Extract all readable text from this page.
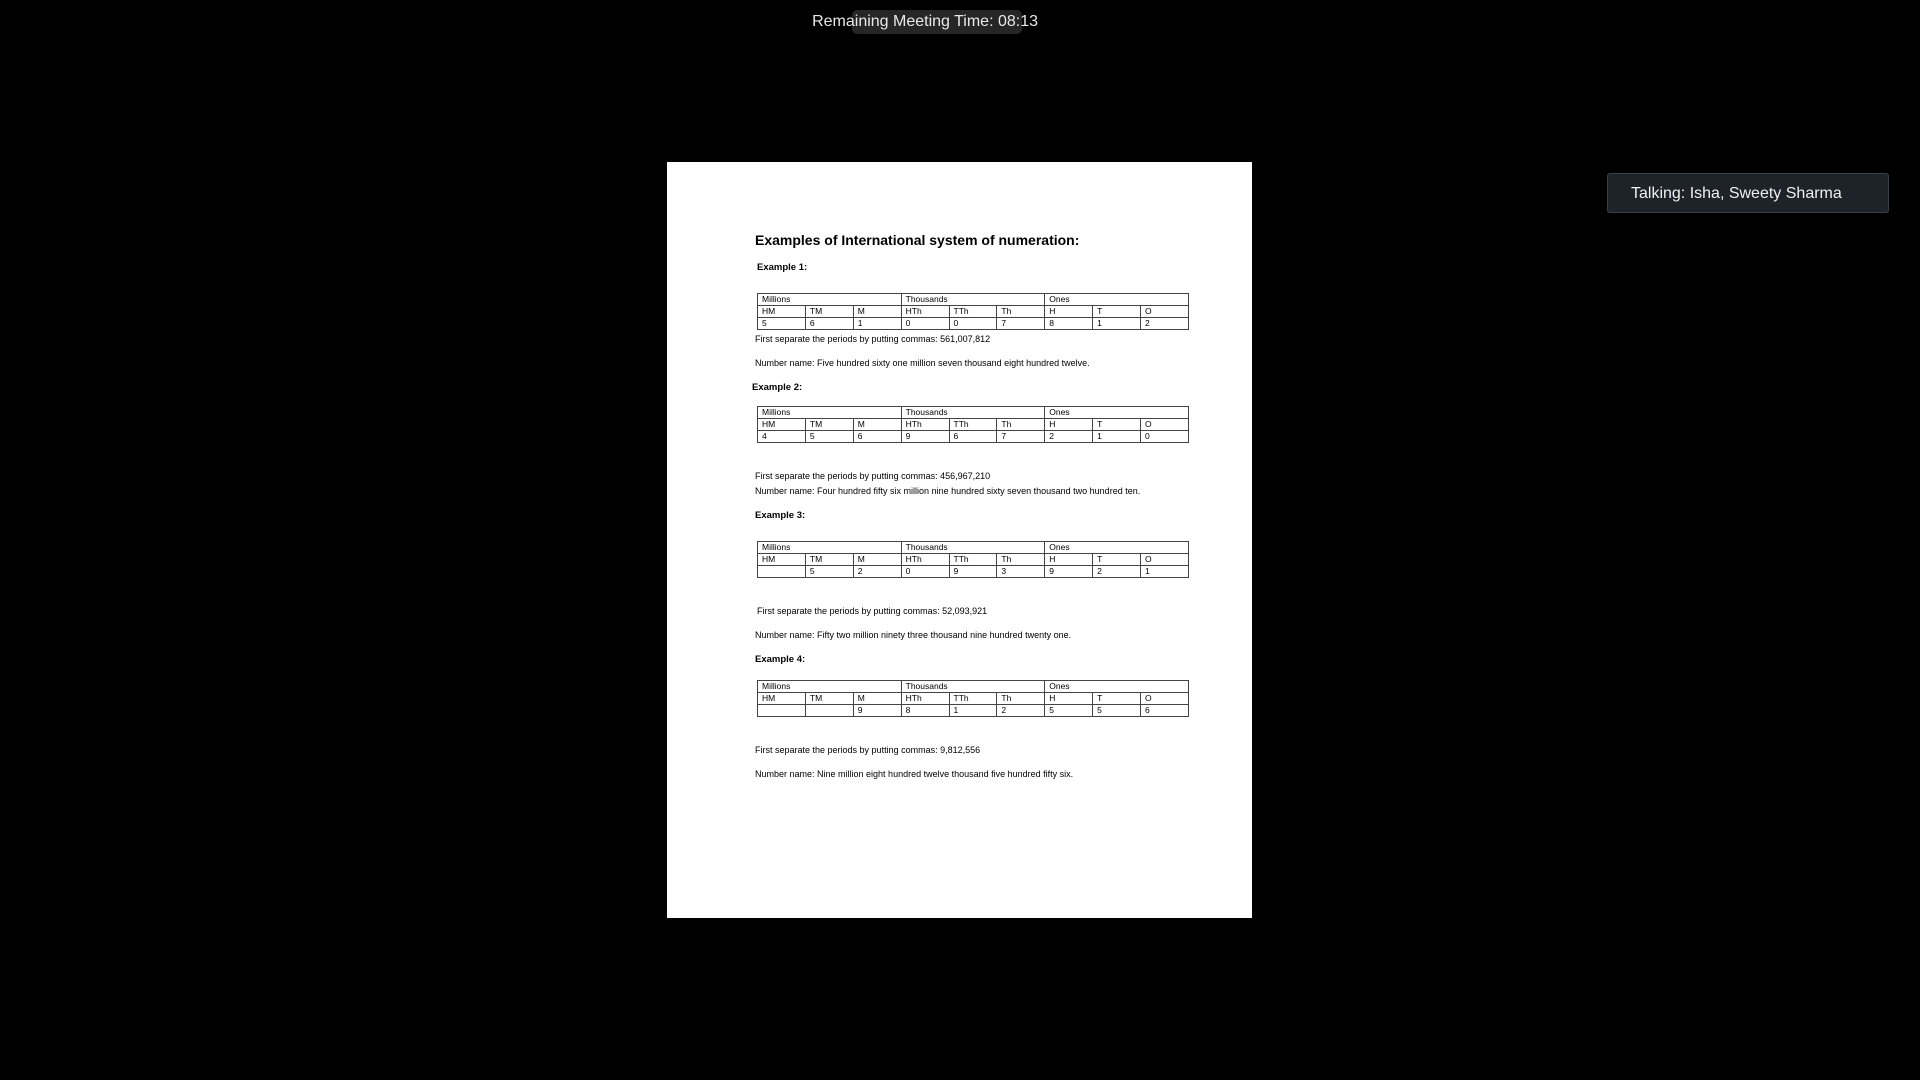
Remaining Meeting Time: 08:13
Talking: Isha, Sweety Sharma
Examples of International system of numeration:
Example 1:
Millions			Thousands			Ones		
HM	TM	M	HTh	TTh	Th	H	T	O
5	6	1	0	0	7	8	1	2
First separate the periods by putting commas: 561,007,812
Number name: Five hundred sixty one million seven thousand eight hundred twelve.
Example 2:
Millions			Thousands			Ones		
HM	TM	M	HTh	TTh	Th	H	T	O
4	5	6	9	6	7	2	1	0
First separate the periods by putting commas: 456,967,210
Number name: Four hundred fifty six million nine hundred sixty seven thousand two hundred ten.
Example 3:
Millions			Thousands			Ones		
HM	TM	M	HTh	TTh	Th	H	T	O
	5	2	0	9	3	9	2	1
First separate the periods by putting commas: 52,093,921
Number name: Fifty two million ninety three thousand nine hundred twenty one.
Example 4:
Millions			Thousands			Ones		
HM	TM	M	HTh	TTh	Th	H	T	O
		9	8	1	2	5	5	6
First separate the periods by putting commas: 9,812,556
Number name: Nine million eight hundred twelve thousand five hundred fifty six.
